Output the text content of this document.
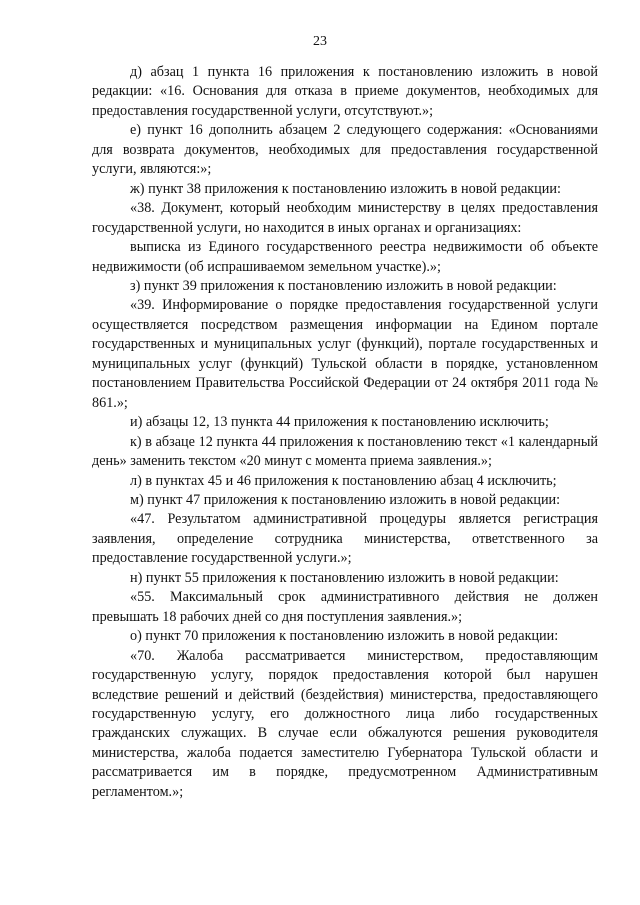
23

д) абзац 1 пункта 16 приложения к постановлению изложить в новой редакции: «16. Основания для отказа в приеме документов, необходимых для предоставления государственной услуги, отсутствуют.»;

е) пункт 16 дополнить абзацем 2 следующего содержания: «Основаниями для возврата документов, необходимых для предоставления государственной услуги, являются:»;

ж) пункт 38 приложения к постановлению изложить в новой редакции:

«38. Документ, который необходим министерству в целях предоставления государственной услуги, но находится в иных органах и организациях:

выписка из Единого государственного реестра недвижимости об объекте недвижимости (об испрашиваемом земельном участке).»;

з) пункт 39 приложения к постановлению изложить в новой редакции:

«39. Информирование о порядке предоставления государственной услуги осуществляется посредством размещения информации на Едином портале государственных и муниципальных услуг (функций), портале государственных и муниципальных услуг (функций) Тульской области в порядке, установленном постановлением Правительства Российской Федерации от 24 октября 2011 года № 861.»;

и) абзацы 12, 13 пункта 44 приложения к постановлению исключить;

к) в абзаце 12 пункта 44 приложения к постановлению текст «1 календарный день» заменить текстом «20 минут с момента приема заявления.»;

л) в пунктах 45 и 46 приложения к постановлению абзац 4 исключить;

м) пункт 47 приложения к постановлению изложить в новой редакции:

«47. Результатом административной процедуры является регистрация заявления, определение сотрудника министерства, ответственного за предоставление государственной услуги.»;

н) пункт 55 приложения к постановлению изложить в новой редакции:

«55. Максимальный срок административного действия не должен превышать 18 рабочих дней со дня поступления заявления.»;

о) пункт 70 приложения к постановлению изложить в новой редакции:

«70. Жалоба рассматривается министерством, предоставляющим государственную услугу, порядок предоставления которой был нарушен вследствие решений и действий (бездействия) министерства, предоставляющего государственную услугу, его должностного лица либо государственных гражданских служащих. В случае если обжалуются решения руководителя министерства, жалоба подается заместителю Губернатора Тульской области и рассматривается им в порядке, предусмотренном Административным регламентом.»;
